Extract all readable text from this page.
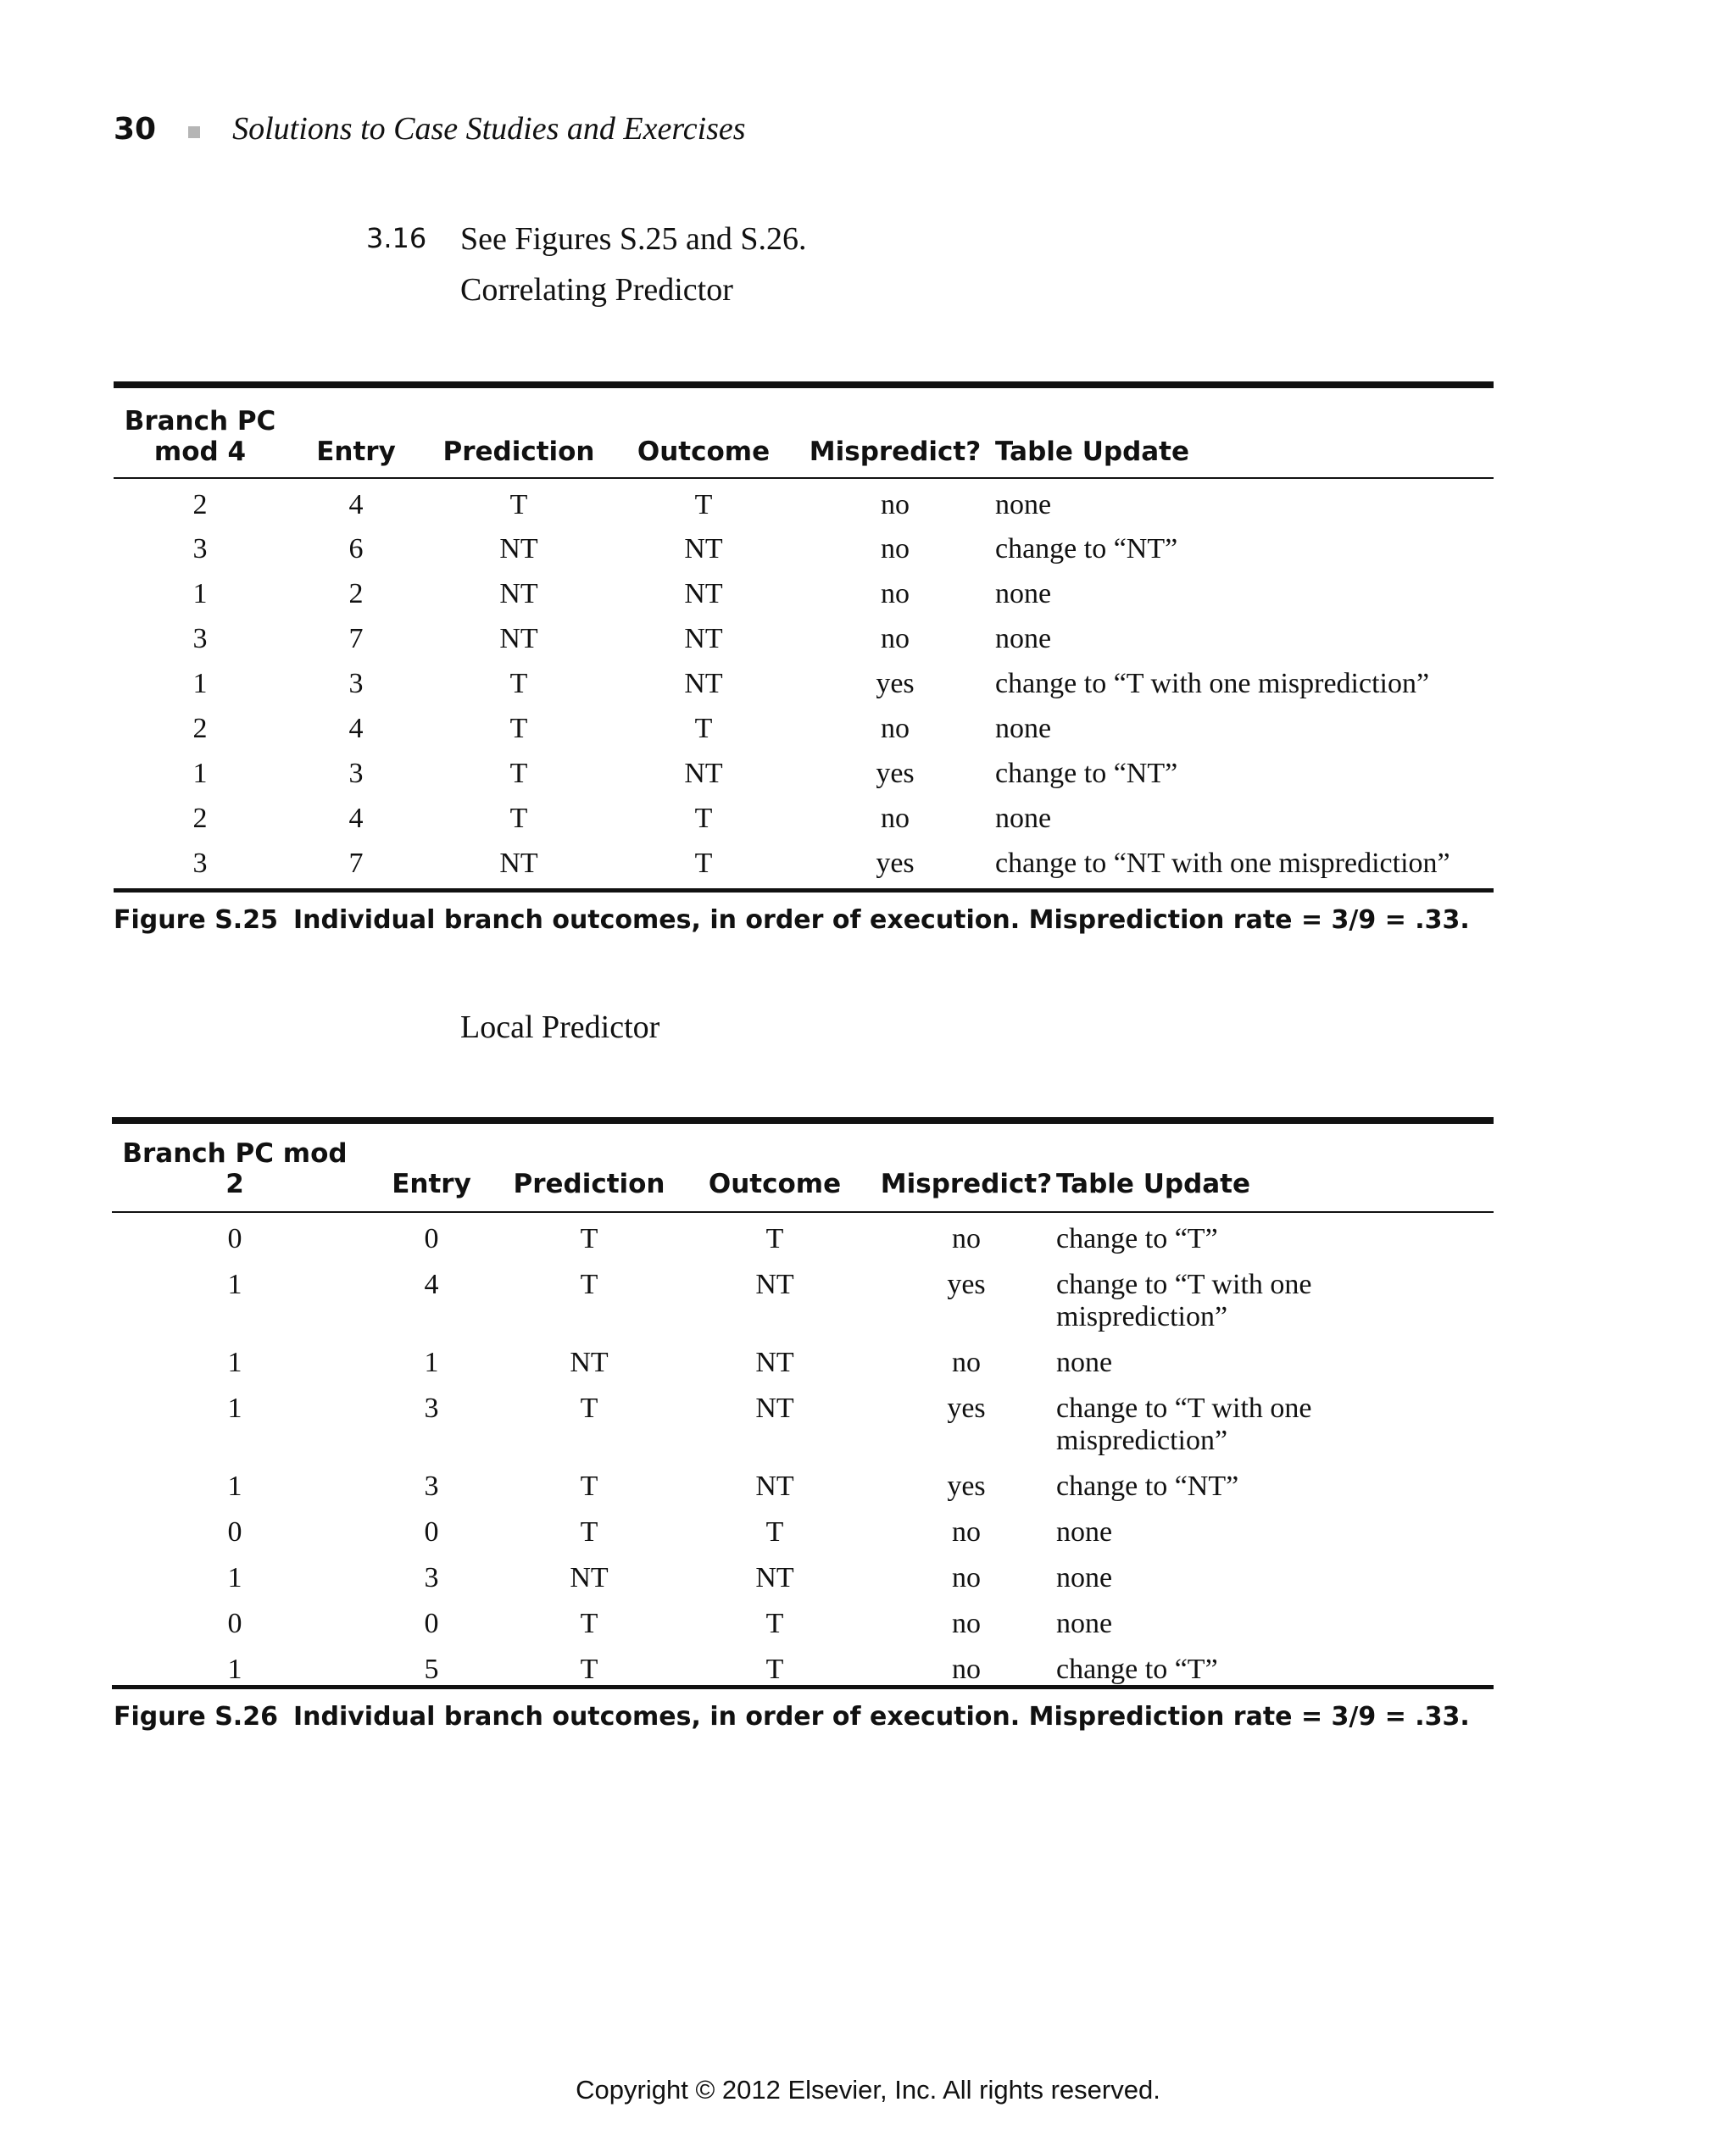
30 Solutions to Case Studies and Exercises
3.16 See Figures S.25 and S.26.
Correlating Predictor
Branch PC
mod 4	Entry	Prediction	Outcome	Mispredict?	Table Update
2	4	T	T	no	none
3	6	NT	NT	no	change to “NT”
1	2	NT	NT	no	none
3	7	NT	NT	no	none
1	3	T	NT	yes	change to “T with one misprediction”
2	4	T	T	no	none
1	3	T	NT	yes	change to “NT”
2	4	T	T	no	none
3	7	NT	T	yes	change to “NT with one misprediction”
Figure S.25 Individual branch outcomes, in order of execution. Misprediction rate = 3/9 = .33.
Local Predictor
Branch PC mod 2	Entry	Prediction	Outcome	Mispredict?	Table Update
0	0	T	T	no	change to “T”
1	4	T	NT	yes	change to “T with one
misprediction”
1	1	NT	NT	no	none
1	3	T	NT	yes	change to “T with one
misprediction”
1	3	T	NT	yes	change to “NT”
0	0	T	T	no	none
1	3	NT	NT	no	none
0	0	T	T	no	none
1	5	T	T	no	change to “T”
Figure S.26 Individual branch outcomes, in order of execution. Misprediction rate = 3/9 = .33.
Copyright © 2012 Elsevier, Inc. All rights reserved.
